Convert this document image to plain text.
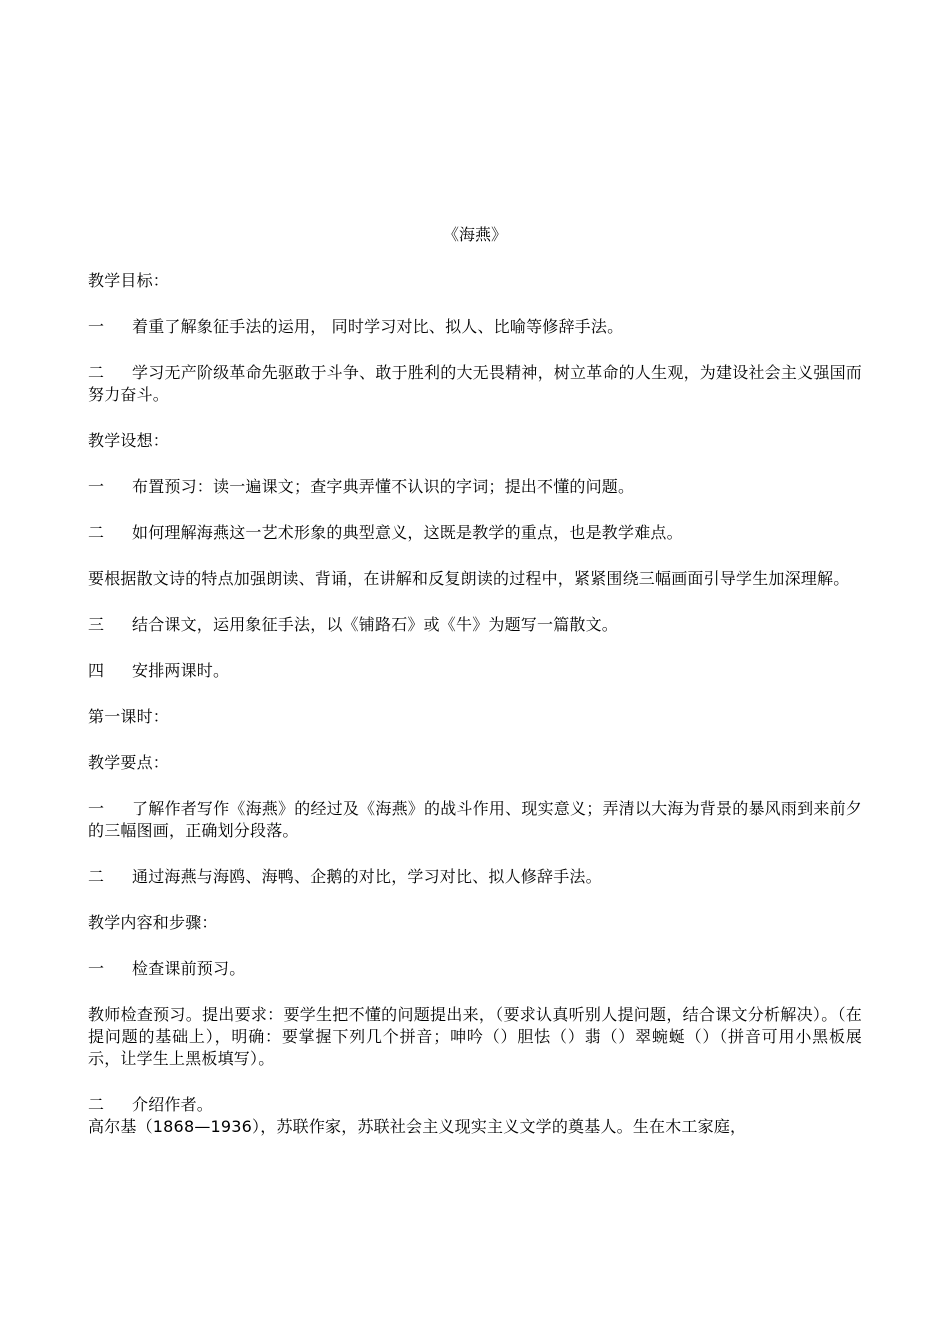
《海燕》

教学目标：

一 着重了解象征手法的运用， 同时学习对比、拟人、比喻等修辞手法。

二 学习无产阶级革命先驱敢于斗争、敢于胜利的大无畏精神，树立革命的人生观，为建设社会主义强国而努力奋斗。

教学设想：

一 布置预习：读一遍课文；查字典弄懂不认识的字词；提出不懂的问题。

二 如何理解海燕这一艺术形象的典型意义，这既是教学的重点，也是教学难点。

要根据散文诗的特点加强朗读、背诵，在讲解和反复朗读的过程中，紧紧围绕三幅画面引导学生加深理解。

三 结合课文，运用象征手法，以《铺路石》或《牛》为题写一篇散文。

四 安排两课时。

第一课时：

教学要点：

一 了解作者写作《海燕》的经过及《海燕》的战斗作用、现实意义；弄清以大海为背景的暴风雨到来前夕的三幅图画，正确划分段落。

二 通过海燕与海鸥、海鸭、企鹅的对比，学习对比、拟人修辞手法。

教学内容和步骤：

一 检查课前预习。

教师检查预习。提出要求：要学生把不懂的问题提出来，（要求认真听别人提问题，结合课文分析解决）。（在提问题的基础上），明确：要掌握下列几个拼音；呻吟（）胆怯（）翡（）翠蜿蜒（）（拼音可用小黑板展示，让学生上黑板填写）。

二 介绍作者。

高尔基（1868—1936），苏联作家，苏联社会主义现实主义文学的奠基人。生在木工家庭，
